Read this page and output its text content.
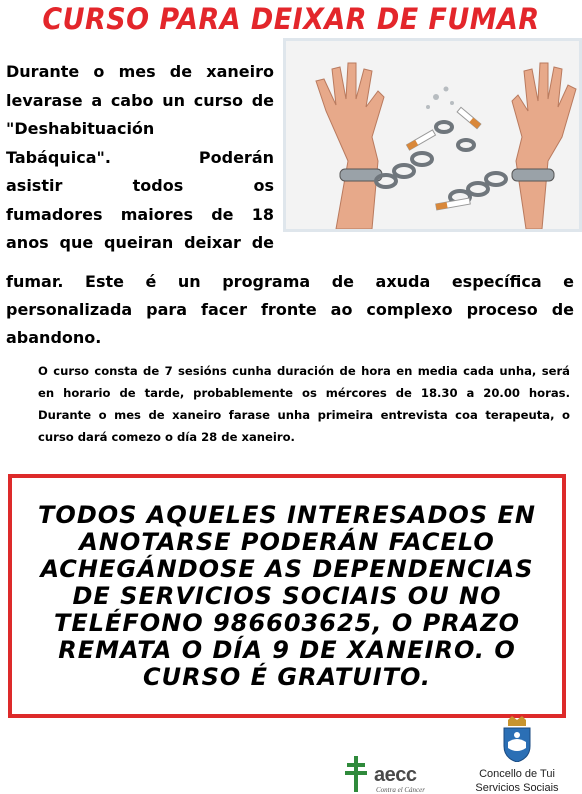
CURSO PARA DEIXAR DE FUMAR
Durante o mes de xaneiro
levarase a cabo un curso de
"Deshabituación
Tabáquica". Poderán
asistir todos os
fumadores maiores de 18
anos que queiran deixar de
fumar. Este é un programa de axuda específica e personalizada para facer fronte ao complexo proceso de abandono.
O curso consta de 7 sesións cunha duración de hora en media cada unha, será en horario de tarde, probablemente os mércores de 18.30 a 20.00 horas. Durante o mes de xaneiro farase unha primeira entrevista coa terapeuta, o curso dará comezo o día 28 de xaneiro.
TODOS AQUELES INTERESADOS EN ANOTARSE PODERÁN FACELO ACHEGÁNDOSE AS DEPENDENCIAS DE SERVICIOS SOCIAIS OU NO TELÉFONO 986603625, O PRAZO REMATA O DÍA 9 DE XANEIRO. O CURSO É GRATUITO.
aecc
Contra el Cáncer
Concello de Tui
Servicios Sociais
